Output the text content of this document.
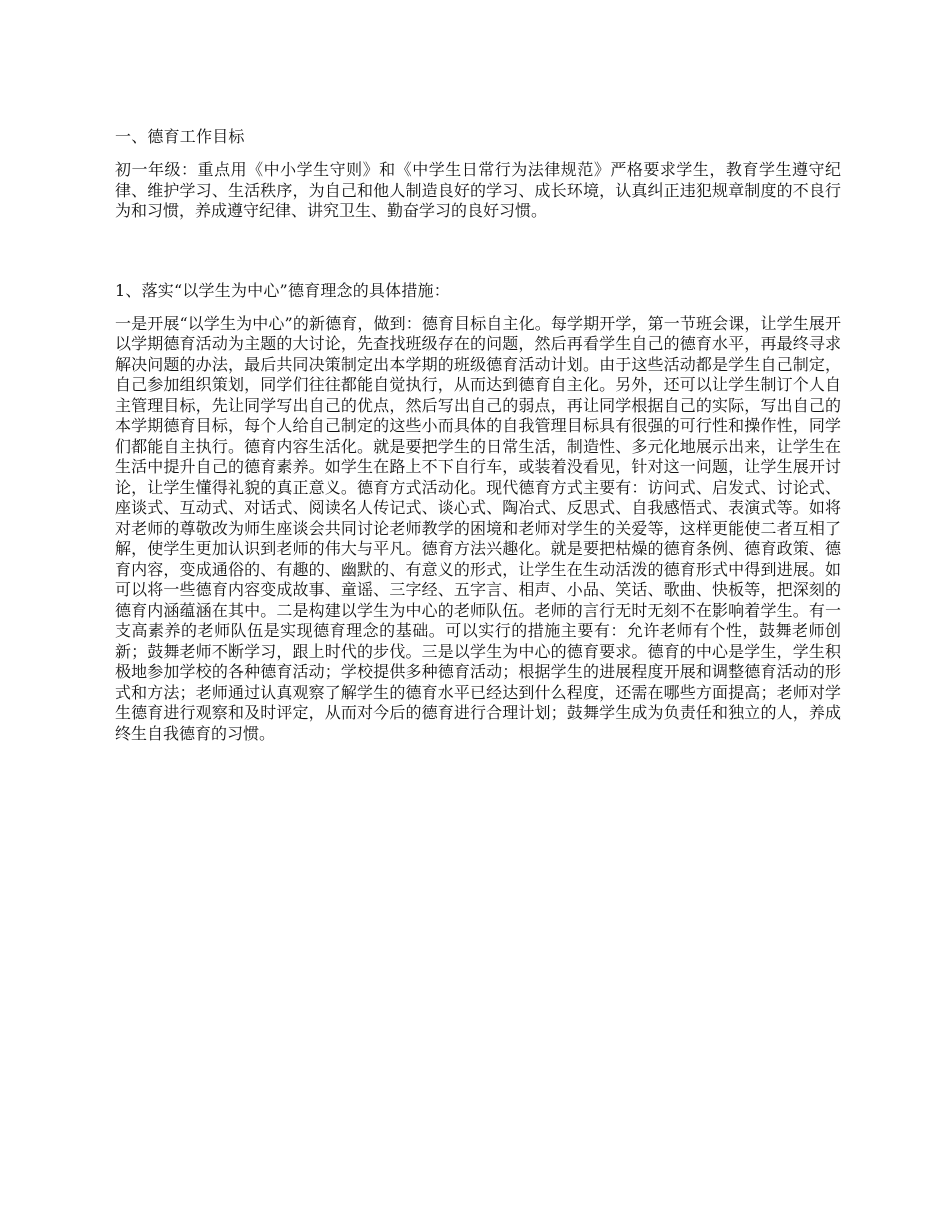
一、德育工作目标

初一年级：重点用《中小学生守则》和《中学生日常行为法律规范》严格要求学生，教育学生遵守纪律、维护学习、生活秩序，为自己和他人制造良好的学习、成长环境，认真纠正违犯规章制度的不良行为和习惯，养成遵守纪律、讲究卫生、勤奋学习的良好习惯。

1、落实“以学生为中心”德育理念的具体措施：

一是开展“以学生为中心”的新德育，做到：德育目标自主化。每学期开学，第一节班会课，让学生展开以学期德育活动为主题的大讨论，先查找班级存在的问题，然后再看学生自己的德育水平，再最终寻求解决问题的办法，最后共同决策制定出本学期的班级德育活动计划。由于这些活动都是学生自己制定，自己参加组织策划，同学们往往都能自觉执行，从而达到德育自主化。另外，还可以让学生制订个人自主管理目标，先让同学写出自己的优点，然后写出自己的弱点，再让同学根据自己的实际，写出自己的本学期德育目标，每个人给自己制定的这些小而具体的自我管理目标具有很强的可行性和操作性，同学们都能自主执行。德育内容生活化。就是要把学生的日常生活，制造性、多元化地展示出来，让学生在生活中提升自己的德育素养。如学生在路上不下自行车，或装着没看见，针对这一问题，让学生展开讨论，让学生懂得礼貌的真正意义。德育方式活动化。现代德育方式主要有：访问式、启发式、讨论式、座谈式、互动式、对话式、阅读名人传记式、谈心式、陶冶式、反思式、自我感悟式、表演式等。如将对老师的尊敬改为师生座谈会共同讨论老师教学的困境和老师对学生的关爱等，这样更能使二者互相了解，使学生更加认识到老师的伟大与平凡。德育方法兴趣化。就是要把枯燥的德育条例、德育政策、德育内容，变成通俗的、有趣的、幽默的、有意义的形式，让学生在生动活泼的德育形式中得到进展。如可以将一些德育内容变成故事、童谣、三字经、五字言、相声、小品、笑话、歌曲、快板等，把深刻的德育内涵蕴涵在其中。二是构建以学生为中心的老师队伍。老师的言行无时无刻不在影响着学生。有一支高素养的老师队伍是实现德育理念的基础。可以实行的措施主要有：允许老师有个性，鼓舞老师创新；鼓舞老师不断学习，跟上时代的步伐。三是以学生为中心的德育要求。德育的中心是学生，学生积极地参加学校的各种德育活动；学校提供多种德育活动；根据学生的进展程度开展和调整德育活动的形式和方法；老师通过认真观察了解学生的德育水平已经达到什么程度，还需在哪些方面提高；老师对学生德育进行观察和及时评定，从而对今后的德育进行合理计划；鼓舞学生成为负责任和独立的人，养成终生自我德育的习惯。
